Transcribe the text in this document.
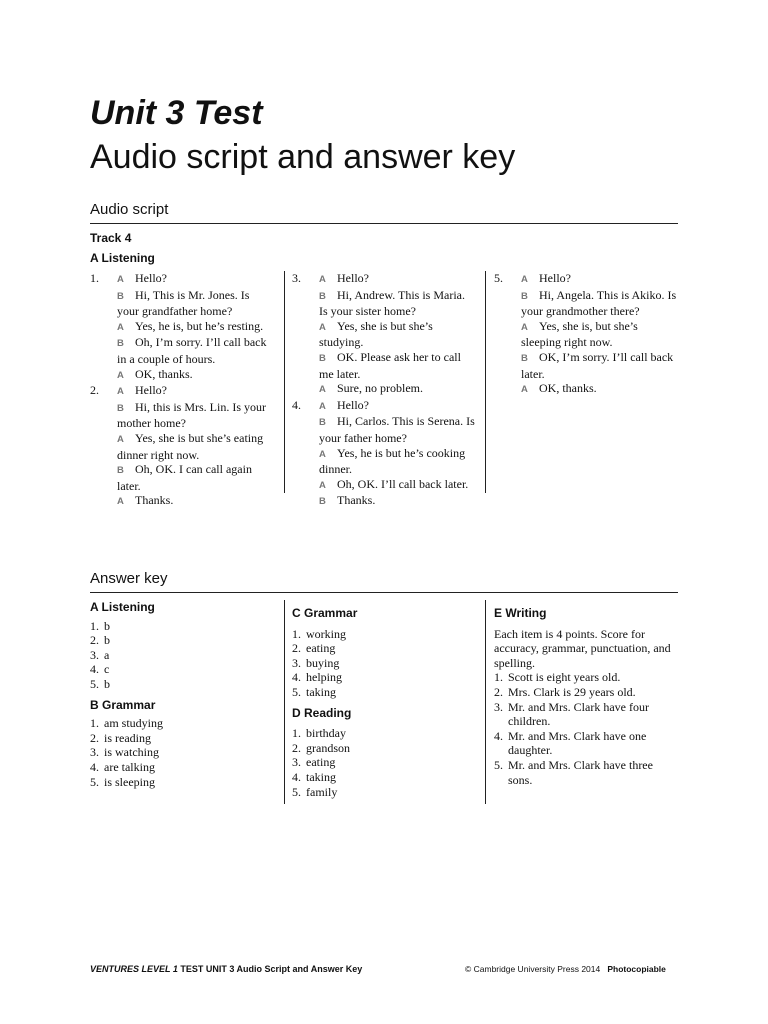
Unit 3 Test
Audio script and answer key
Audio script
Track 4
A Listening
1.	A Hello?
B Hi, This is Mr. Jones. Is your grandfather home?
A Yes, he is, but he’s resting.
B Oh, I’m sorry. I’ll call back in a couple of hours.
A OK, thanks.
2.	A Hello?
B Hi, this is Mrs. Lin. Is your mother home?
A Yes, she is but she’s eating dinner right now.
B Oh, OK. I can call again later.
A Thanks.
3.	A Hello?
B Hi, Andrew. This is Maria. Is your sister home?
A Yes, she is but she’s studying.
B OK. Please ask her to call me later.
A Sure, no problem.
4.	A Hello?
B Hi, Carlos. This is Serena. Is your father home?
A Yes, he is but he’s cooking dinner.
A Oh, OK. I’ll call back later.
B Thanks.
5.	A Hello?
B Hi, Angela. This is Akiko. Is your grandmother there?
A Yes, she is, but she’s sleeping right now.
B OK, I’m sorry. I’ll call back later.
A OK, thanks.
Answer key
A Listening
1. b
2. b
3. a
4. c
5. b
B Grammar
1. am studying
2. is reading
3. is watching
4. are talking
5. is sleeping
C Grammar
1. working
2. eating
3. buying
4. helping
5. taking
D Reading
1. birthday
2. grandson
3. eating
4. taking
5. family
E Writing
Each item is 4 points. Score for accuracy, grammar, punctuation, and spelling.
1. Scott is eight years old.
2. Mrs. Clark is 29 years old.
3. Mr. and Mrs. Clark have four children.
4. Mr. and Mrs. Clark have one daughter.
5. Mr. and Mrs. Clark have three sons.
VENTURES LEVEL 1 TEST UNIT 3 Audio Script and Answer Key	© Cambridge University Press 2014 Photocopiable
